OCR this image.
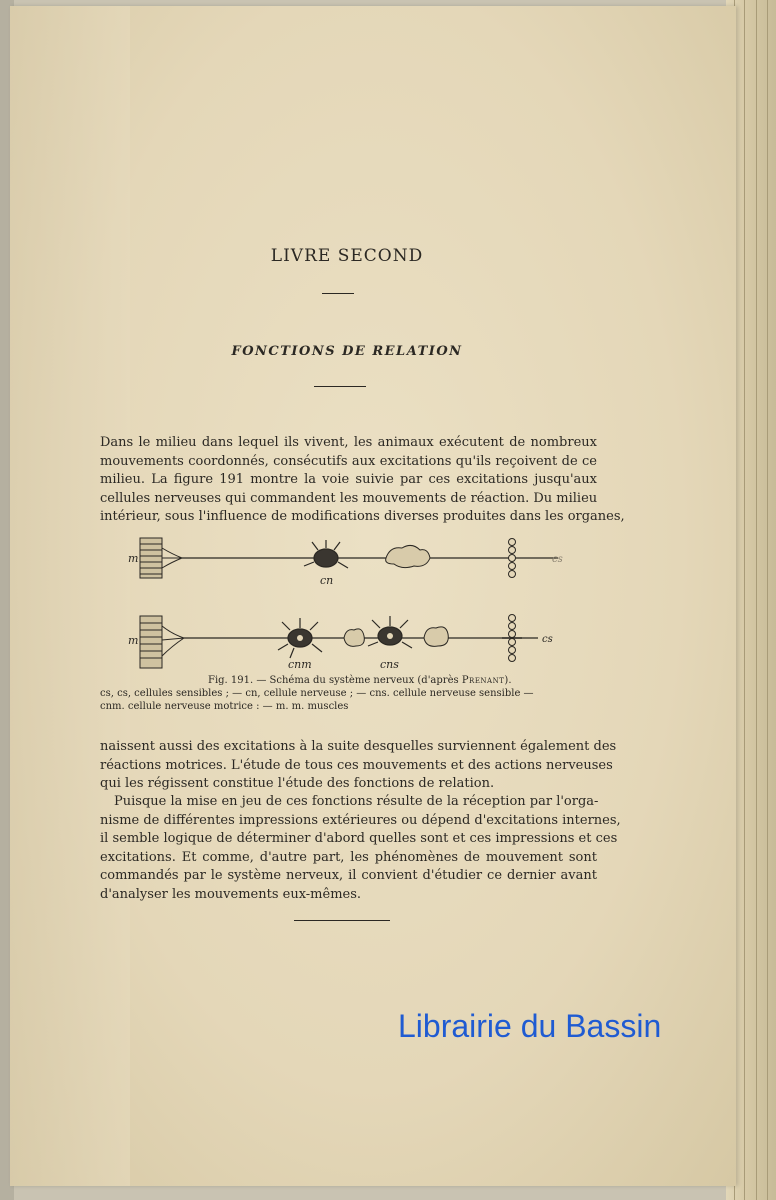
LIVRE SECOND
FONCTIONS DE RELATION
Dans le milieu dans lequel ils vivent, les animaux exécutent de nombreux
mouvements coordonnés, consécutifs aux excitations qu'ils reçoivent de ce
milieu. La figure 191 montre la voie suivie par ces excitations jusqu'aux
cellules nerveuses qui commandent les mouvements de réaction. Du milieu
intérieur, sous l'influence de modifications diverses produites dans les organes,
m
cn
cs
m
cnm	cns
cs
Fig. 191. — Schéma du système nerveux (d'après Prenant).
cs, cs, cellules sensibles ; — cn, cellule nerveuse ; — cns. cellule nerveuse sensible —
cnm. cellule nerveuse motrice : — m. m. muscles
naissent aussi des excitations à la suite desquelles surviennent également des
réactions motrices. L'étude de tous ces mouvements et des actions nerveuses
qui les régissent constitue l'étude des fonctions de relation.
Puisque la mise en jeu de ces fonctions résulte de la réception par l'orga-
nisme de différentes impressions extérieures ou dépend d'excitations internes,
il semble logique de déterminer d'abord quelles sont et ces impressions et ces
excitations. Et comme, d'autre part, les phénomènes de mouvement sont
commandés par le système nerveux, il convient d'étudier ce dernier avant
d'analyser les mouvements eux-mêmes.
Librairie du Bassin
